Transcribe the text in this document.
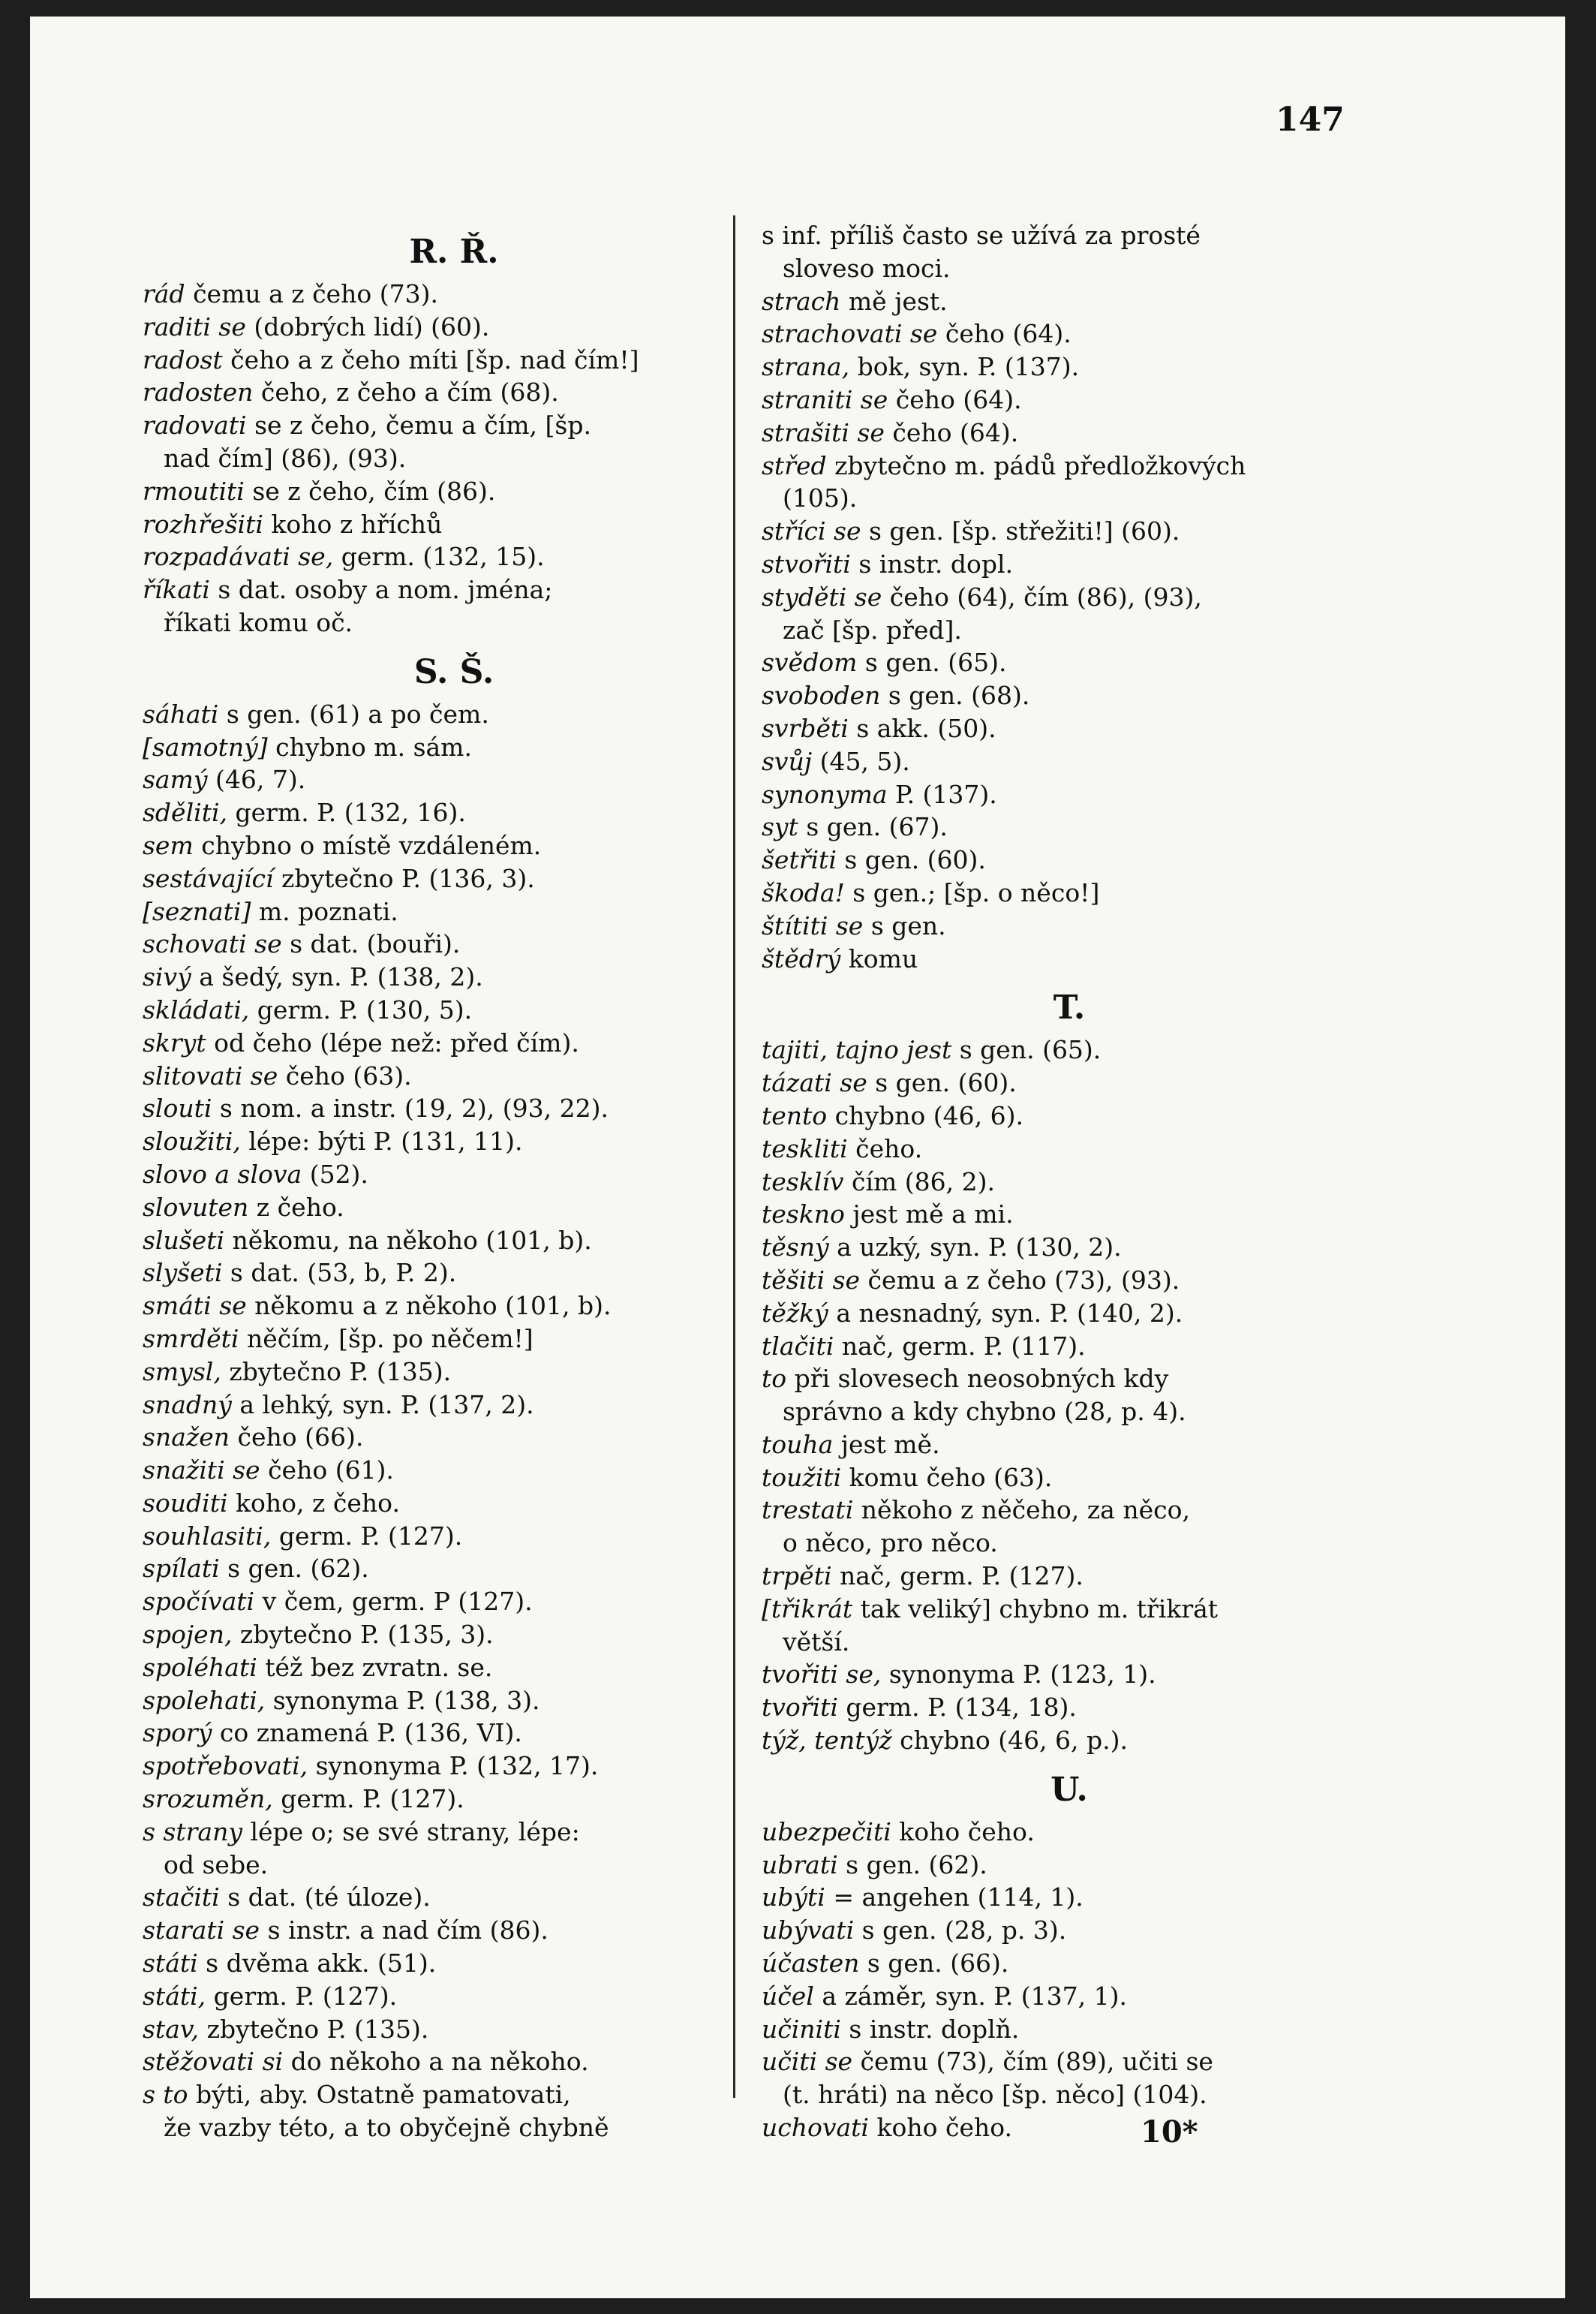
147

R. Ř.

rád čemu a z čeho (73).

raditi se (dobrých lidí) (60).

radost čeho a z čeho míti [šp. nad čím!]

radosten čeho, z čeho a čím (68).

radovati se z čeho, čemu a čím, [šp.

nad čím] (86), (93).

rmoutiti se z čeho, čím (86).

rozhřešiti koho z hříchů

rozpadávati se, germ. (132, 15).

říkati s dat. osoby a nom. jména;

říkati komu oč.

S. Š.

sáhati s gen. (61) a po čem.

[samotný] chybno m. sám.

samý (46, 7).

sděliti, germ. P. (132, 16).

sem chybno o místě vzdáleném.

sestávající zbytečno P. (136, 3).

[seznati] m. poznati.

schovati se s dat. (bouři).

sivý a šedý, syn. P. (138, 2).

skládati, germ. P. (130, 5).

skryt od čeho (lépe než: před čím).

slitovati se čeho (63).

slouti s nom. a instr. (19, 2), (93, 22).

sloužiti, lépe: býti P. (131, 11).

slovo a slova (52).

slovuten z čeho.

slušeti někomu, na někoho (101, b).

slyšeti s dat. (53, b, P. 2).

smáti se někomu a z někoho (101, b).

smrděti něčím, [šp. po něčem!]

smysl, zbytečno P. (135).

snadný a lehký, syn. P. (137, 2).

snažen čeho (66).

snažiti se čeho (61).

souditi koho, z čeho.

souhlasiti, germ. P. (127).

spílati s gen. (62).

spočívati v čem, germ. P (127).

spojen, zbytečno P. (135, 3).

spoléhati též bez zvratn. se.

spolehati, synonyma P. (138, 3).

sporý co znamená P. (136, VI).

spotřebovati, synonyma P. (132, 17).

srozuměn, germ. P. (127).

s strany lépe o; se své strany, lépe:

od sebe.

stačiti s dat. (té úloze).

starati se s instr. a nad čím (86).

státi s dvěma akk. (51).

státi, germ. P. (127).

stav, zbytečno P. (135).

stěžovati si do někoho a na někoho.

s to býti, aby. Ostatně pamatovati,

že vazby této, a to obyčejně chybně

s inf. příliš často se užívá za prosté

sloveso moci.

strach mě jest.

strachovati se čeho (64).

strana, bok, syn. P. (137).

straniti se čeho (64).

strašiti se čeho (64).

střed zbytečno m. pádů předložkových

(105).

stříci se s gen. [šp. střežiti!] (60).

stvořiti s instr. dopl.

styděti se čeho (64), čím (86), (93),

zač [šp. před].

svědom s gen. (65).

svoboden s gen. (68).

svrběti s akk. (50).

svůj (45, 5).

synonyma P. (137).

syt s gen. (67).

šetřiti s gen. (60).

škoda! s gen.; [šp. o něco!]

štítiti se s gen.

štědrý komu

T.

tajiti, tajno jest s gen. (65).

tázati se s gen. (60).

tento chybno (46, 6).

teskliti čeho.

tesklív čím (86, 2).

teskno jest mě a mi.

těsný a uzký, syn. P. (130, 2).

těšiti se čemu a z čeho (73), (93).

těžký a nesnadný, syn. P. (140, 2).

tlačiti nač, germ. P. (117).

to při slovesech neosobných kdy

správno a kdy chybno (28, p. 4).

touha jest mě.

toužiti komu čeho (63).

trestati někoho z něčeho, za něco,

o něco, pro něco.

trpěti nač, germ. P. (127).

[třikrát tak veliký] chybno m. třikrát

větší.

tvořiti se, synonyma P. (123, 1).

tvořiti germ. P. (134, 18).

týž, tentýž chybno (46, 6, p.).

U.

ubezpečiti koho čeho.

ubrati s gen. (62).

ubýti = angehen (114, 1).

ubývati s gen. (28, p. 3).

účasten s gen. (66).

účel a záměr, syn. P. (137, 1).

učiniti s instr. doplň.

učiti se čemu (73), čím (89), učiti se

(t. hráti) na něco [šp. něco] (104).

uchovati koho čeho.	10*
